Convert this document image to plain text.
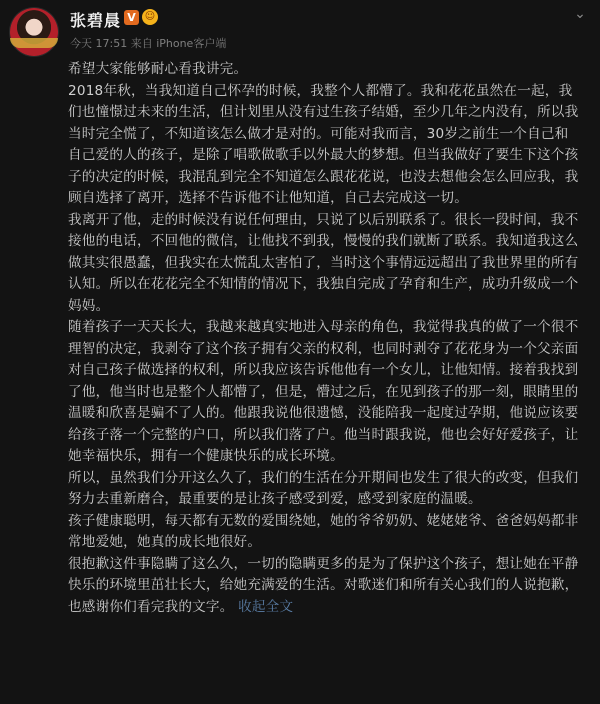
张碧晨 V ☺
今天 17:51 来自 iPhone客户端
⌄

希望大家能够耐心看我讲完。

2018年秋，当我知道自己怀孕的时候，我整个人都懵了。我和花花虽然在一起，我们也憧憬过未来的生活，但计划里从没有过生孩子结婚，至少几年之内没有，所以我当时完全慌了，不知道该怎么做才是对的。可能对我而言，30岁之前生一个自己和自己爱的人的孩子，是除了唱歌做歌手以外最大的梦想。但当我做好了要生下这个孩子的决定的时候，我混乱到完全不知道怎么跟花花说，也没去想他会怎么回应我，我顾自选择了离开，选择不告诉他不让他知道，自己去完成这一切。

我离开了他，走的时候没有说任何理由，只说了以后别联系了。很长一段时间，我不接他的电话，不回他的微信，让他找不到我，慢慢的我们就断了联系。我知道我这么做其实很愚蠢，但我实在太慌乱太害怕了，当时这个事情远远超出了我世界里的所有认知。所以在花花完全不知情的情况下，我独自完成了孕育和生产，成功升级成一个妈妈。

随着孩子一天天长大，我越来越真实地进入母亲的角色，我觉得我真的做了一个很不理智的决定，我剥夺了这个孩子拥有父亲的权利，也同时剥夺了花花身为一个父亲面对自己孩子做选择的权利，所以我应该告诉他他有一个女儿，让他知情。接着我找到了他，他当时也是整个人都懵了，但是，懵过之后，在见到孩子的那一刻，眼睛里的温暖和欣喜是骗不了人的。他跟我说他很遗憾，没能陪我一起度过孕期，他说应该要给孩子落一个完整的户口，所以我们落了户。他当时跟我说，他也会好好爱孩子，让她幸福快乐，拥有一个健康快乐的成长环境。

所以，虽然我们分开这么久了，我们的生活在分开期间也发生了很大的改变，但我们努力去重新磨合，最重要的是让孩子感受到爱，感受到家庭的温暖。

孩子健康聪明，每天都有无数的爱围绕她，她的爷爷奶奶、姥姥姥爷、爸爸妈妈都非常地爱她，她真的成长地很好。

很抱歉这件事隐瞒了这么久，一切的隐瞒更多的是为了保护这个孩子，想让她在平静快乐的环境里茁壮长大，给她充满爱的生活。对歌迷们和所有关心我们的人说抱歉，也感谢你们看完我的文字。 收起全文
